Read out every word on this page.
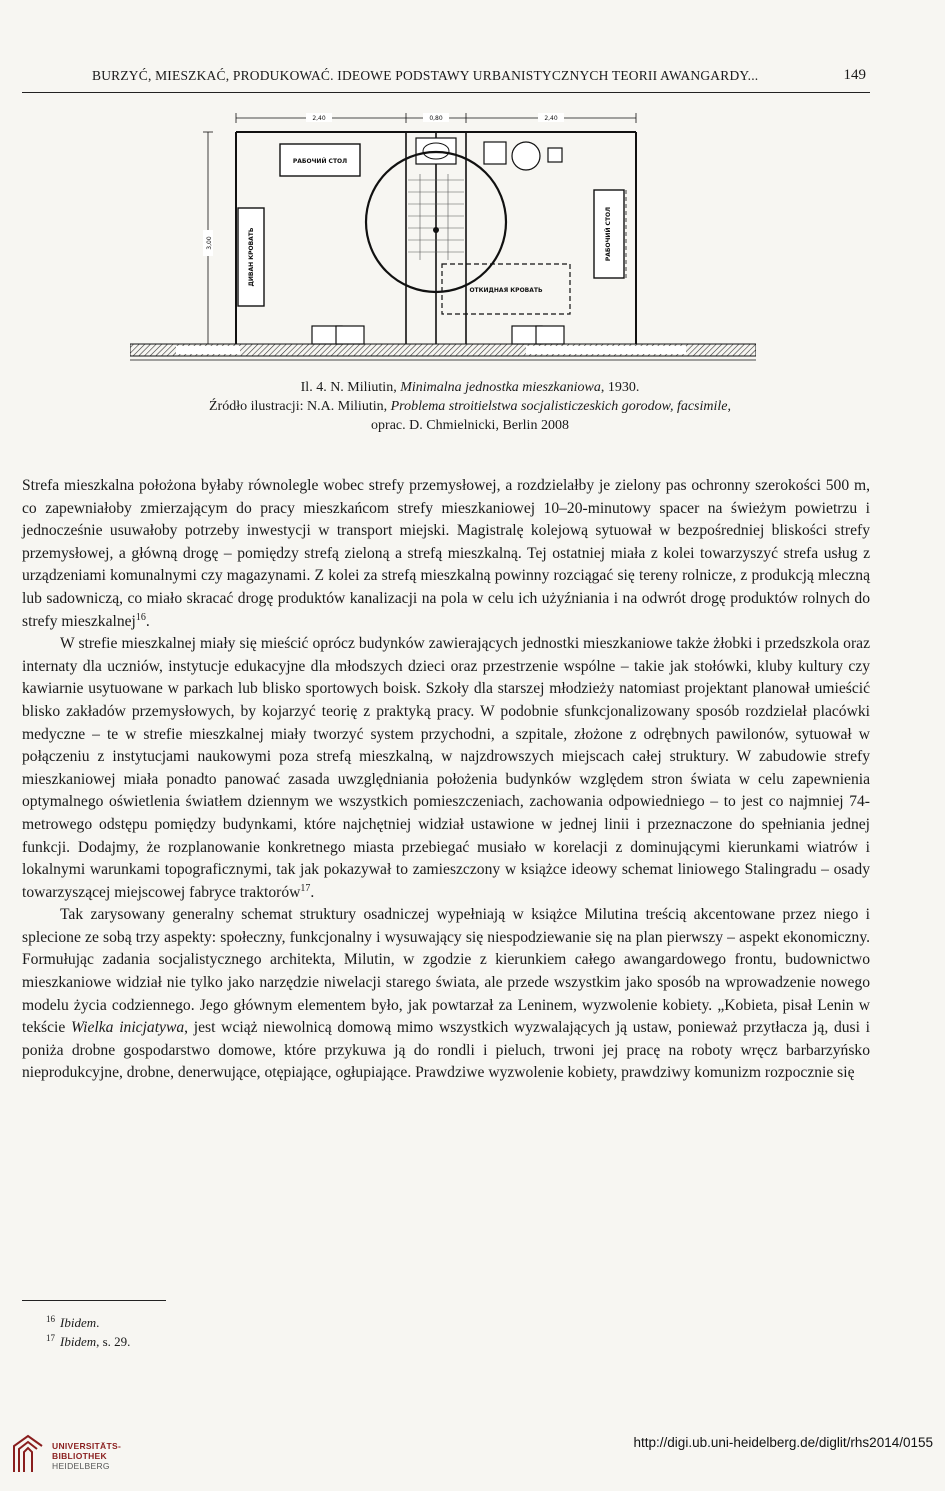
BURZYĆ, MIESZKAĆ, PRODUKOWAĆ. IDEOWE PODSTAWY URBANISTYCZNYCH TEORII AWANGARDY...	149
2,40	0,80	2,40
3,00
РАБОЧИЙ СТОЛ
ДИВАН КРОВАТЬ
ОТКИДНАЯ КРОВАТЬ
РАБОЧИЙ СТОЛ
Il. 4. N. Miliutin, Minimalna jednostka mieszkaniowa, 1930.
Źródło ilustracji: N.A. Miliutin, Problema stroitielstwa socjalisticzeskich gorodow, facsimile,
oprac. D. Chmielnicki, Berlin 2008

Strefa mieszkalna położona byłaby równolegle wobec strefy przemysłowej, a rozdzielałby je zielony pas ochronny szerokości 500 m, co zapewniałoby zmierzającym do pracy mieszkańcom strefy mieszkaniowej 10–20-minutowy spacer na świeżym powietrzu i jednocześnie usuwałoby potrzeby inwestycji w transport miejski. Magistralę kolejową sytuował w bezpośredniej bliskości strefy przemysłowej, a główną drogę – pomiędzy strefą zieloną a strefą mieszkalną. Tej ostatniej miała z kolei towarzyszyć strefa usług z urządzeniami komunalnymi czy magazynami. Z kolei za strefą mieszkalną powinny rozciągać się tereny rolnicze, z produkcją mleczną lub sadowniczą, co miało skracać drogę produktów kanalizacji na pola w celu ich użyźniania i na odwrót drogę produktów rolnych do strefy mieszkalnej$^{16}$.

W strefie mieszkalnej miały się mieścić oprócz budynków zawierających jednostki mieszkaniowe także żłobki i przedszkola oraz internaty dla uczniów, instytucje edukacyjne dla młodszych dzieci oraz przestrzenie wspólne – takie jak stołówki, kluby kultury czy kawiarnie usytuowane w parkach lub blisko sportowych boisk. Szkoły dla starszej młodzieży natomiast projektant planował umieścić blisko zakładów przemysłowych, by kojarzyć teorię z praktyką pracy. W podobnie sfunkcjonalizowany sposób rozdzielał placówki medyczne – te w strefie mieszkalnej miały tworzyć system przychodni, a szpitale, złożone z odrębnych pawilonów, sytuował w połączeniu z instytucjami naukowymi poza strefą mieszkalną, w najzdrowszych miejscach całej struktury. W zabudowie strefy mieszkaniowej miała ponadto panować zasada uwzględniania położenia budynków względem stron świata w celu zapewnienia optymalnego oświetlenia światłem dziennym we wszystkich pomieszczeniach, zachowania odpowiedniego – to jest co najmniej 74-metrowego odstępu pomiędzy budynkami, które najchętniej widział ustawione w jednej linii i przeznaczone do spełniania jednej funkcji. Dodajmy, że rozplanowanie konkretnego miasta przebiegać musiało w korelacji z dominującymi kierunkami wiatrów i lokalnymi warunkami topograficznymi, tak jak pokazywał to zamieszczony w książce ideowy schemat liniowego Stalingradu – osady towarzyszącej miejscowej fabryce traktorów$^{17}$.

Tak zarysowany generalny schemat struktury osadniczej wypełniają w książce Milutina treścią akcentowane przez niego i splecione ze sobą trzy aspekty: społeczny, funkcjonalny i wysuwający się niespodziewanie się na plan pierwszy – aspekt ekonomiczny. Formułując zadania socjalistycznego architekta, Milutin, w zgodzie z kierunkiem całego awangardowego frontu, budownictwo mieszkaniowe widział nie tylko jako narzędzie niwelacji starego świata, ale przede wszystkim jako sposób na wprowadzenie nowego modelu życia codziennego. Jego głównym elementem było, jak powtarzał za Leninem, wyzwolenie kobiety. „Kobieta, pisał Lenin w tekście Wielka inicjatywa, jest wciąż niewolnicą domową mimo wszystkich wyzwalających ją ustaw, ponieważ przytłacza ją, dusi i poniża drobne gospodarstwo domowe, które przykuwa ją do rondli i pieluch, trwoni jej pracę na roboty wręcz barbarzyńsko nieprodukcyjne, drobne, denerwujące, otępiające, ogłupiające. Prawdziwe wyzwolenie kobiety, prawdziwy komunizm rozpocznie się

16 Ibidem.
17 Ibidem, s. 29.
UNIVERSITÄTS-
BIBLIOTHEK
HEIDELBERG
http://digi.ub.uni-heidelberg.de/diglit/rhs2014/0155
